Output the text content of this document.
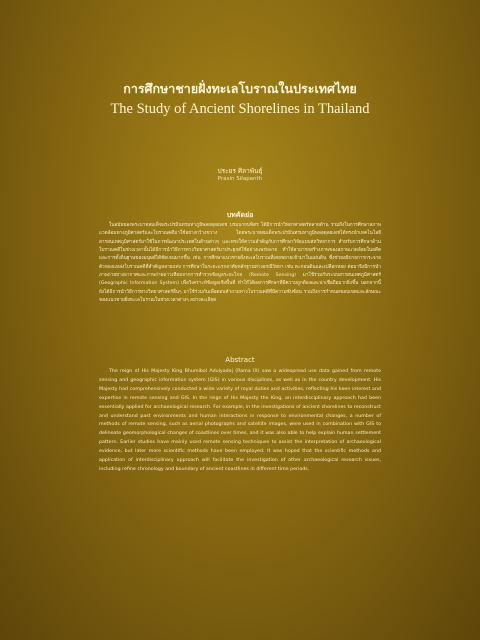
การศึกษาชายฝั่งทะเลโบราณในประเทศไทย
The Study of Ancient Shorelines in Thailand
ประยร ศิลาพันธุ์
Prasin Silapanth
บทคัดย่อ

ในสมัยของพระบาทสมเด็จพระปรมินทรมหาภูมิพลอดุลยเดช บรมนาถบพิตร ได้มีการนำวิทยาศาสตร์หลายด้าน รวมถึงในการศึกษาสภาพแวดล้อมทางภูมิศาสตร์และโบราณคดีมาใช้อย่างกว้างขวาง โดยพระบาทสมเด็จพระปรมินทรมหาภูมิพลอดุลยเดชได้ทรงนำเทคโนโลยีสารสนเทศภูมิศาสตร์มาใช้ในการพัฒนาประเทศในด้านต่างๆ และทรงให้ความสำคัญกับการศึกษาวิจัยแบบสหวิทยาการ สำหรับการศึกษาด้านโบราณคดีในช่วงเวลานั้นได้มีการนำวิธีการทางวิทยาศาสตร์มาประยุกต์ใช้อย่างแพร่หลาย ทำให้สามารถสร้างภาพของสภาพแวดล้อมในอดีตและการตั้งถิ่นฐานของมนุษย์ได้ชัดเจนมากขึ้น เช่น การศึกษาแนวชายฝั่งทะเลโบราณที่เคยขยายเข้ามาในแผ่นดิน ซึ่งช่วยอธิบายการกระจายตัวของแหล่งโบราณคดีที่สำคัญหลายแห่ง การศึกษาในระยะแรกอาศัยหลักฐานทางธรณีวิทยา เช่น ตะกอนดินและเปลือกหอย ต่อมาจึงมีการนำภาพถ่ายทางอากาศและภาพถ่ายดาวเทียมจากการสำรวจข้อมูลระยะไกล (Remote Sensing) มาใช้ร่วมกับระบบสารสนเทศภูมิศาสตร์ (Geographic Information System) เพื่อวิเคราะห์ข้อมูลเชิงพื้นที่ ทำให้ได้ผลการศึกษาที่มีความถูกต้องและน่าเชื่อถือมากยิ่งขึ้น นอกจากนี้ยังได้มีการนำวิธีการทางวิทยาศาสตร์อื่นๆ มาใช้ร่วมกันเพื่อตอบคำถามทางโบราณคดีที่มีความซับซ้อน รวมถึงการกำหนดขอบเขตและลักษณะของแนวชายฝั่งทะเลโบราณในช่วงเวลาต่างๆ อย่างละเอียด

Abstract

The reign of His Majesty King Bhumibol Adulyadej (Rama IX) saw a widespread use data gained from remote sensing and geographic information system (GIS) in various disciplines, as well as in the country development. His Majesty had comprehensively conducted a wide variety of royal duties and activities, reflecting his keen interest and expertise in remote sensing and GIS. In the reign of His Majesty the King, an interdisciplinary approach had been essentially applied for archaeological research. For example, in the investigations of ancient shorelines to reconstruct and understand past environments and human interactions in response to environmental changes, a number of methods of remote sensing, such as aerial photographs and satellite images, were used in combination with GIS to delineate geomorphological changes of coastlines over times, and it was also able to help explain human settlement pattern. Earlier studies have mainly used remote sensing techniques to assist the interpretation of archaeological evidence, but later more scientific methods have been employed. It was hoped that the scientific methods and application of interdisciplinary approach will facilitate the investigation of other archaeological research issues, including refine chronology and boundary of ancient coastlines in different time periods.
